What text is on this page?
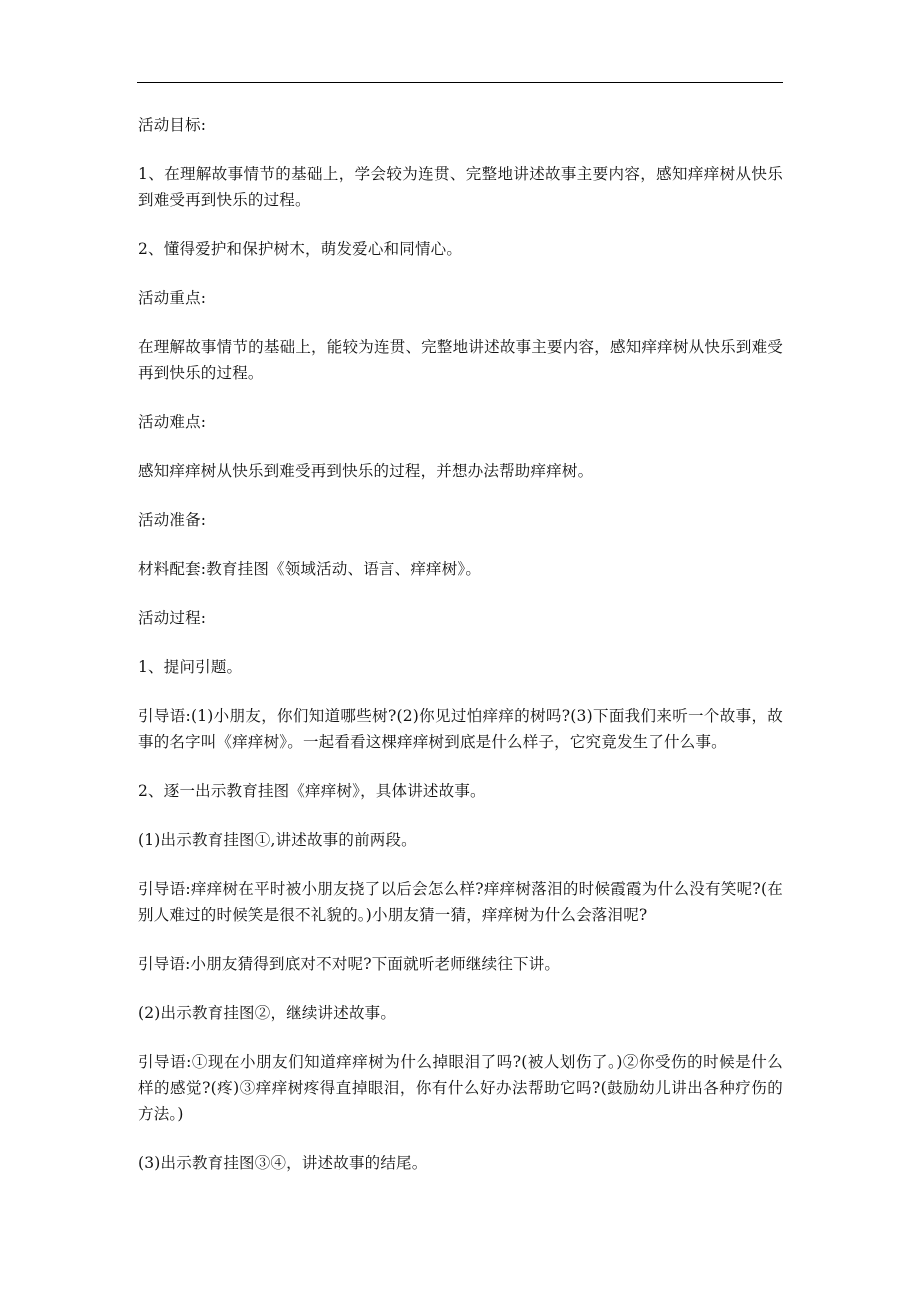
活动目标:

1、在理解故事情节的基础上，学会较为连贯、完整地讲述故事主要内容，感知痒痒树从快乐到难受再到快乐的过程。

2、懂得爱护和保护树木，萌发爱心和同情心。

活动重点:

在理解故事情节的基础上，能较为连贯、完整地讲述故事主要内容，感知痒痒树从快乐到难受再到快乐的过程。

活动难点:

感知痒痒树从快乐到难受再到快乐的过程，并想办法帮助痒痒树。

活动准备:

材料配套:教育挂图《领域活动、语言、痒痒树》。

活动过程:

1、提问引题。

引导语:(1)小朋友，你们知道哪些树?(2)你见过怕痒痒的树吗?(3)下面我们来听一个故事，故事的名字叫《痒痒树》。一起看看这棵痒痒树到底是什么样子，它究竟发生了什么事。

2、逐一出示教育挂图《痒痒树》，具体讲述故事。

(1)出示教育挂图①,讲述故事的前两段。

引导语:痒痒树在平时被小朋友挠了以后会怎么样?痒痒树落泪的时候霞霞为什么没有笑呢?(在别人难过的时候笑是很不礼貌的。)小朋友猜一猜，痒痒树为什么会落泪呢?

引导语:小朋友猜得到底对不对呢?下面就听老师继续往下讲。

(2)出示教育挂图②，继续讲述故事。

引导语:①现在小朋友们知道痒痒树为什么掉眼泪了吗?(被人划伤了。)②你受伤的时候是什么样的感觉?(疼)③痒痒树疼得直掉眼泪，你有什么好办法帮助它吗?(鼓励幼儿讲出各种疗伤的方法。)

(3)出示教育挂图③④，讲述故事的结尾。
